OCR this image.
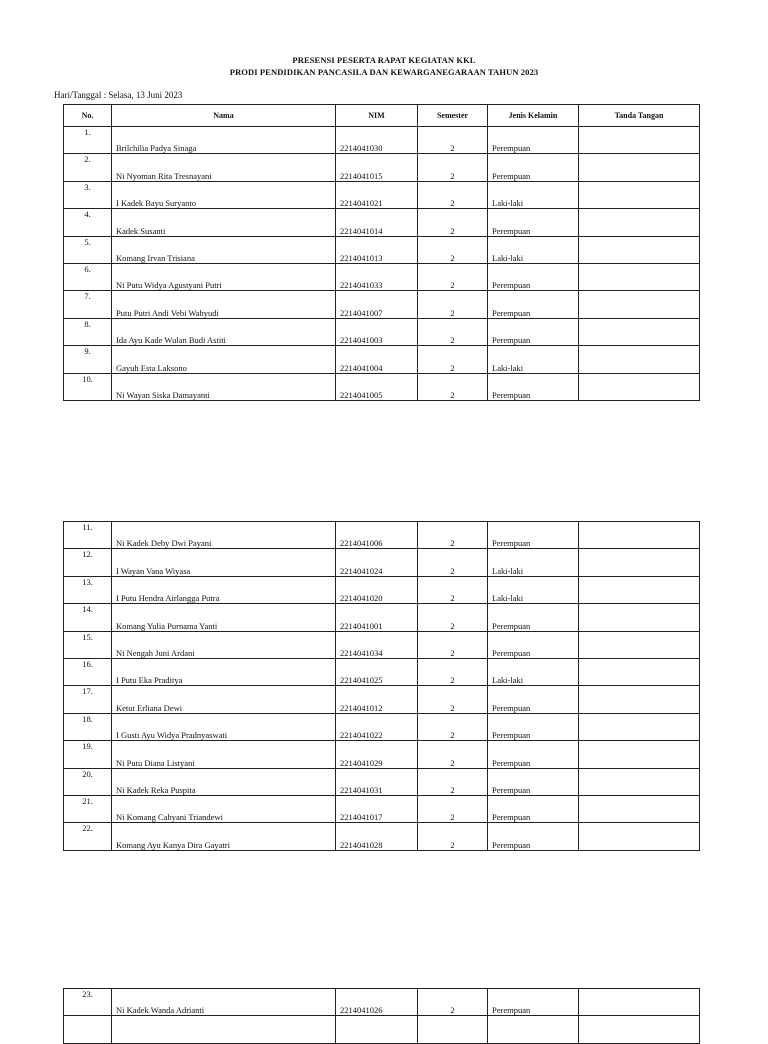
PRESENSI PESERTA RAPAT KEGIATAN KKL
PRODI PENDIDIKAN PANCASILA DAN KEWARGANEGARAAN TAHUN 2023
Hari/Tanggal : Selasa, 13 Juni 2023
No.	Nama	NIM	Semester	Jenis Kelamin	Tanda Tangan
1.	Brilchilia Padya Sinaga	2214041030	2	Perempuan	
2.	Ni Nyoman Rita Tresnayani	2214041015	2	Perempuan	
3.	I Kadek Bayu Suryanto	2214041021	2	Laki-laki	
4.	Kadek Susanti	2214041014	2	Perempuan	
5.	Komang Irvan Trisiana	2214041013	2	Laki-laki	
6.	Ni Putu Widya Agustyani Putri	2214041033	2	Perempuan	
7.	Putu Putri Andi Vebi Wahyudi	2214041007	2	Perempuan	
8.	Ida Ayu Kade Wulan Budi Astiti	2214041003	2	Perempuan	
9.	Gayuh Esta Laksono	2214041004	2	Laki-laki	
10.	Ni Wayan Siska Damayanti	2214041005	2	Perempuan	
11.	Ni Kadek Deby Dwi Payani	2214041006	2	Perempuan	
12.	I Wayan Vana Wiyasa	2214041024	2	Laki-laki	
13.	I Putu Hendra Airlangga Putra	2214041020	2	Laki-laki	
14.	Komang Yulia Purnama Yanti	2214041001	2	Perempuan	
15.	Ni Nengah Juni Ardani	2214041034	2	Perempuan	
16.	I Putu Eka Praditya	2214041025	2	Laki-laki	
17.	Ketut Erliana Dewi	2214041012	2	Perempuan	
18.	I Gusti Ayu Widya Pradnyaswati	2214041022	2	Perempuan	
19.	Ni Putu Diana Listyani	2214041029	2	Perempuan	
20.	Ni Kadek Reka Puspita	2214041031	2	Perempuan	
21.	Ni Komang Cahyani Triandewi	2214041017	2	Perempuan	
22.	Komang Ayu Kanya Dira Gayatri	2214041028	2	Perempuan	
23.	Ni Kadek Wanda Adrianti	2214041026	2	Perempuan	
